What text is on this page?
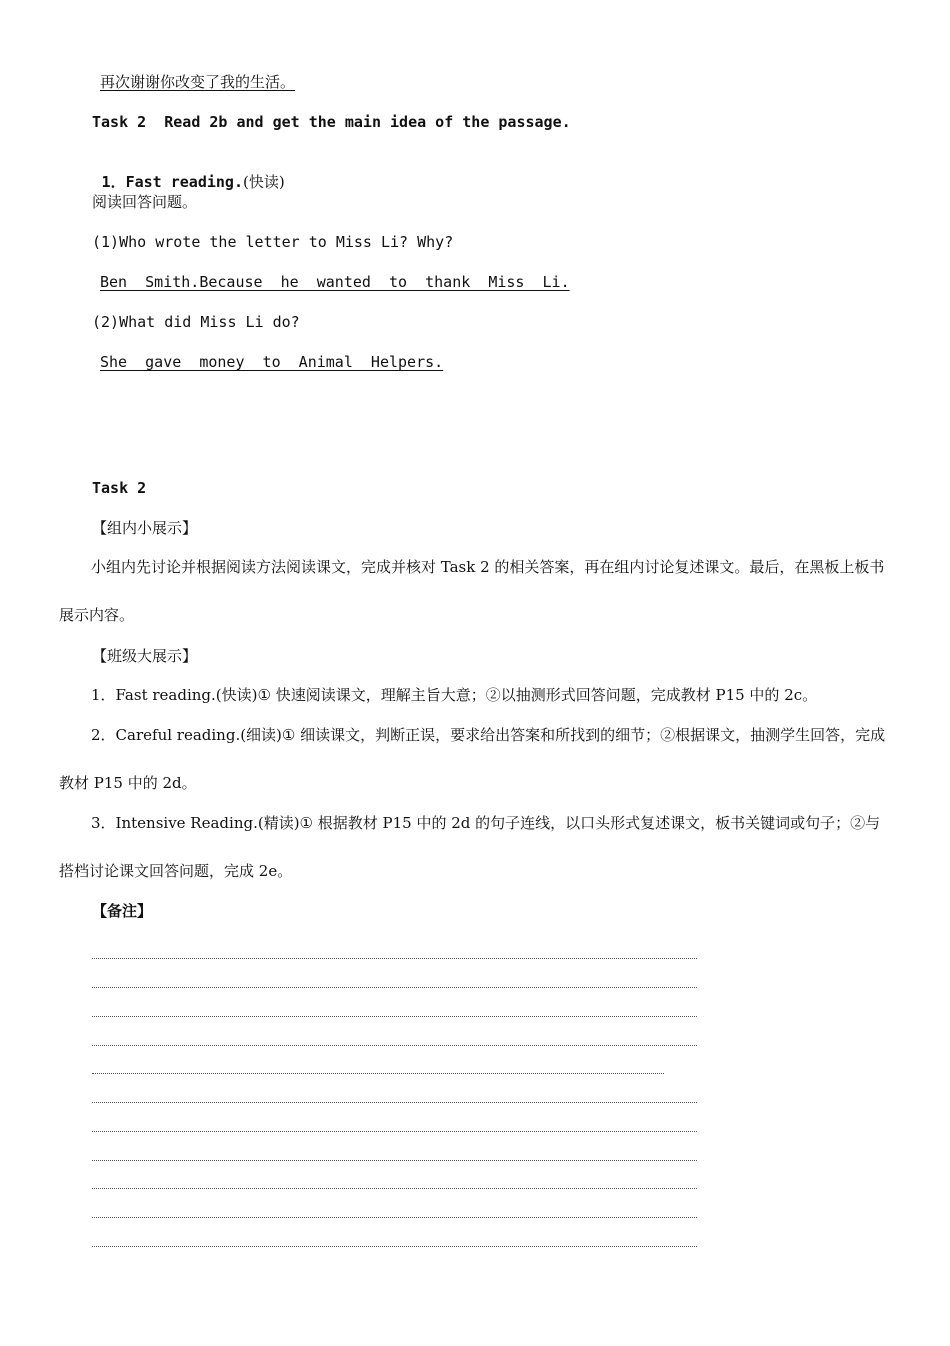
再次谢谢你改变了我的生活。
Task 2  Read 2b and get the main idea of the passage.

1．Fast reading.(快读)

阅读回答问题。
(1)Who wrote the letter to Miss Li? Why?
Ben  Smith.Because  he  wanted  to  thank  Miss  Li.
(2)What did Miss Li do?
She  gave  money  to  Animal  Helpers.
Task 2
【组内小展示】
小组内先讨论并根据阅读方法阅读课文，完成并核对 Task 2 的相关答案，再在组内讨论复述课文。最后，在黑板上板书展示内容。
【班级大展示】
1．Fast reading.(快读)① 快速阅读课文，理解主旨大意；②以抽测形式回答问题，完成教材 P15 中的 2c。
2．Careful reading.(细读)① 细读课文，判断正误，要求给出答案和所找到的细节；②根据课文，抽测学生回答，完成教材 P15 中的 2d。
3．Intensive Reading.(精读)① 根据教材 P15 中的 2d 的句子连线，以口头形式复述课文，板书关键词或句子；②与搭档讨论课文回答问题，完成 2e。
【备注】
